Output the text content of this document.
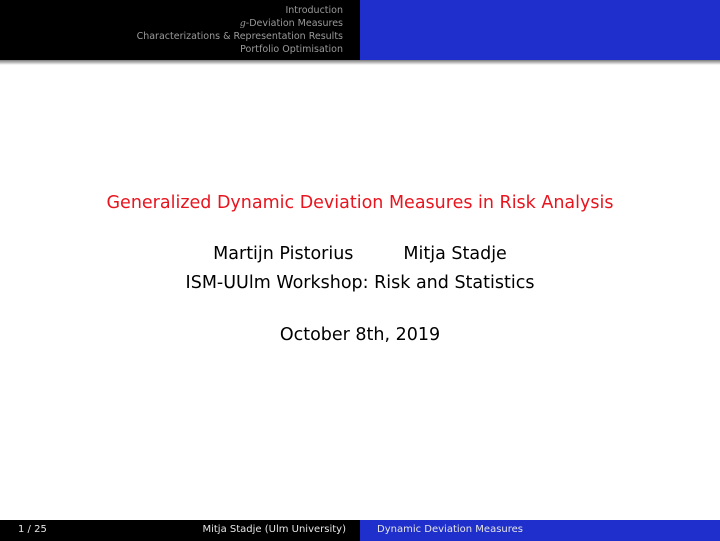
Introduction
g-Deviation Measures
Characterizations & Representation Results
Portfolio Optimisation
Generalized Dynamic Deviation Measures in Risk Analysis
Martijn Pistorius	Mitja Stadje
ISM-UUlm Workshop: Risk and Statistics
October 8th, 2019
1 / 25	Mitja Stadje (Ulm University)	Dynamic Deviation Measures
